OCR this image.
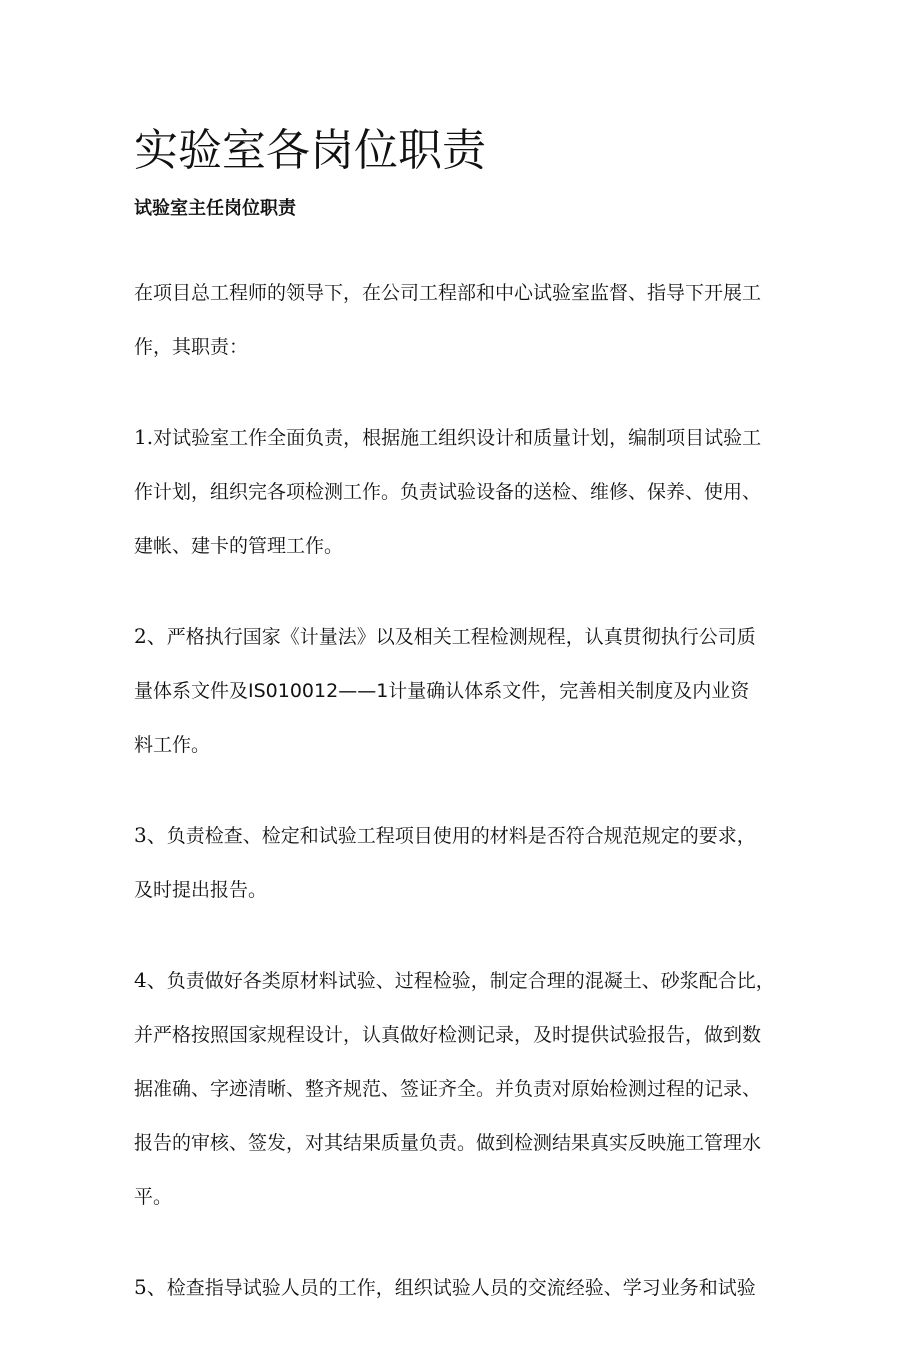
实验室各岗位职责
试验室主任岗位职责
在项目总工程师的领导下，在公司工程部和中心试验室监督、指导下开展工
作，其职责：
1.对试验室工作全面负责，根据施工组织设计和质量计划，编制项目试验工
作计划，组织完各项检测工作。负责试验设备的送检、维修、保养、使用、
建帐、建卡的管理工作。
2、严格执行国家《计量法》以及相关工程检测规程，认真贯彻执行公司质
量体系文件及IS010012——1计量确认体系文件，完善相关制度及内业资
料工作。
3、负责检查、检定和试验工程项目使用的材料是否符合规范规定的要求，
及时提出报告。
4、负责做好各类原材料试验、过程检验，制定合理的混凝土、砂浆配合比，
并严格按照国家规程设计，认真做好检测记录，及时提供试验报告，做到数
据准确、字迹清晰、整齐规范、签证齐全。并负责对原始检测过程的记录、
报告的审核、签发，对其结果质量负责。做到检测结果真实反映施工管理水
平。
5、检查指导试验人员的工作，组织试验人员的交流经验、学习业务和试验
